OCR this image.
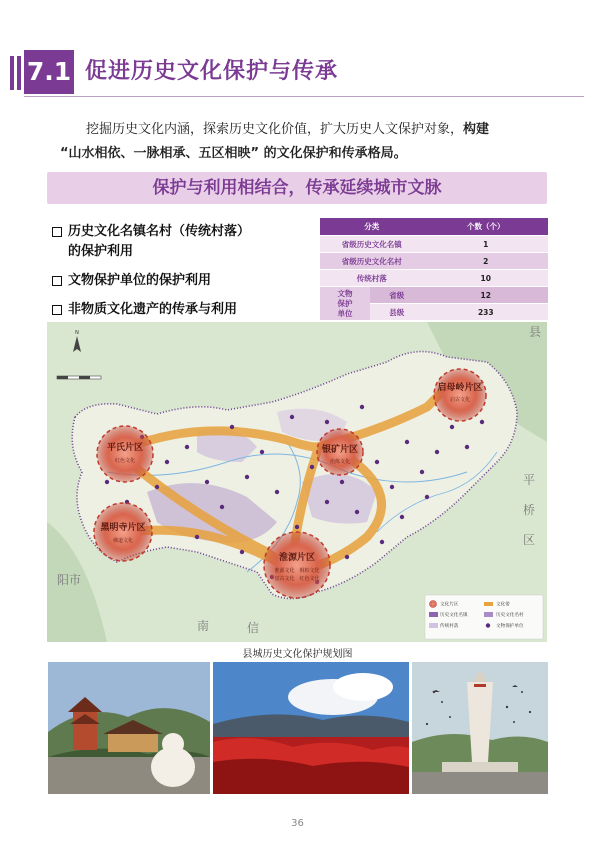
7.1 促进历史文化保护与传承
挖掘历史文化内涵，探索历史文化价值，扩大历史人文保护对象，构建
“山水相依、一脉相承、五区相映” 的文化保护和传承格局。
保护与利用相结合，传承延续城市文脉
历史文化名镇名村（传统村落）
的保护利用
文物保护单位的保护利用
非物质文化遗产的传承与利用
分类		个数（个）
省级历史文化名镇		1
省级历史文化名村		2
传统村落		10

文物
保护
单位	省级	12
	县级	233
N
启母岭片区
启古文化
平氏片区
红色文化
银矿片区
治炼文化
黑明寺片区
佛道文化
淮源片区
淮源文化　桐柏文化
盘古文化　红色文化
县
平
桥
区
阳 市
信
南
文化片区	文化带
历史文化名镇	历史文化名村
传统村落	文物保护单位
县城历史文化保护规划图
36
